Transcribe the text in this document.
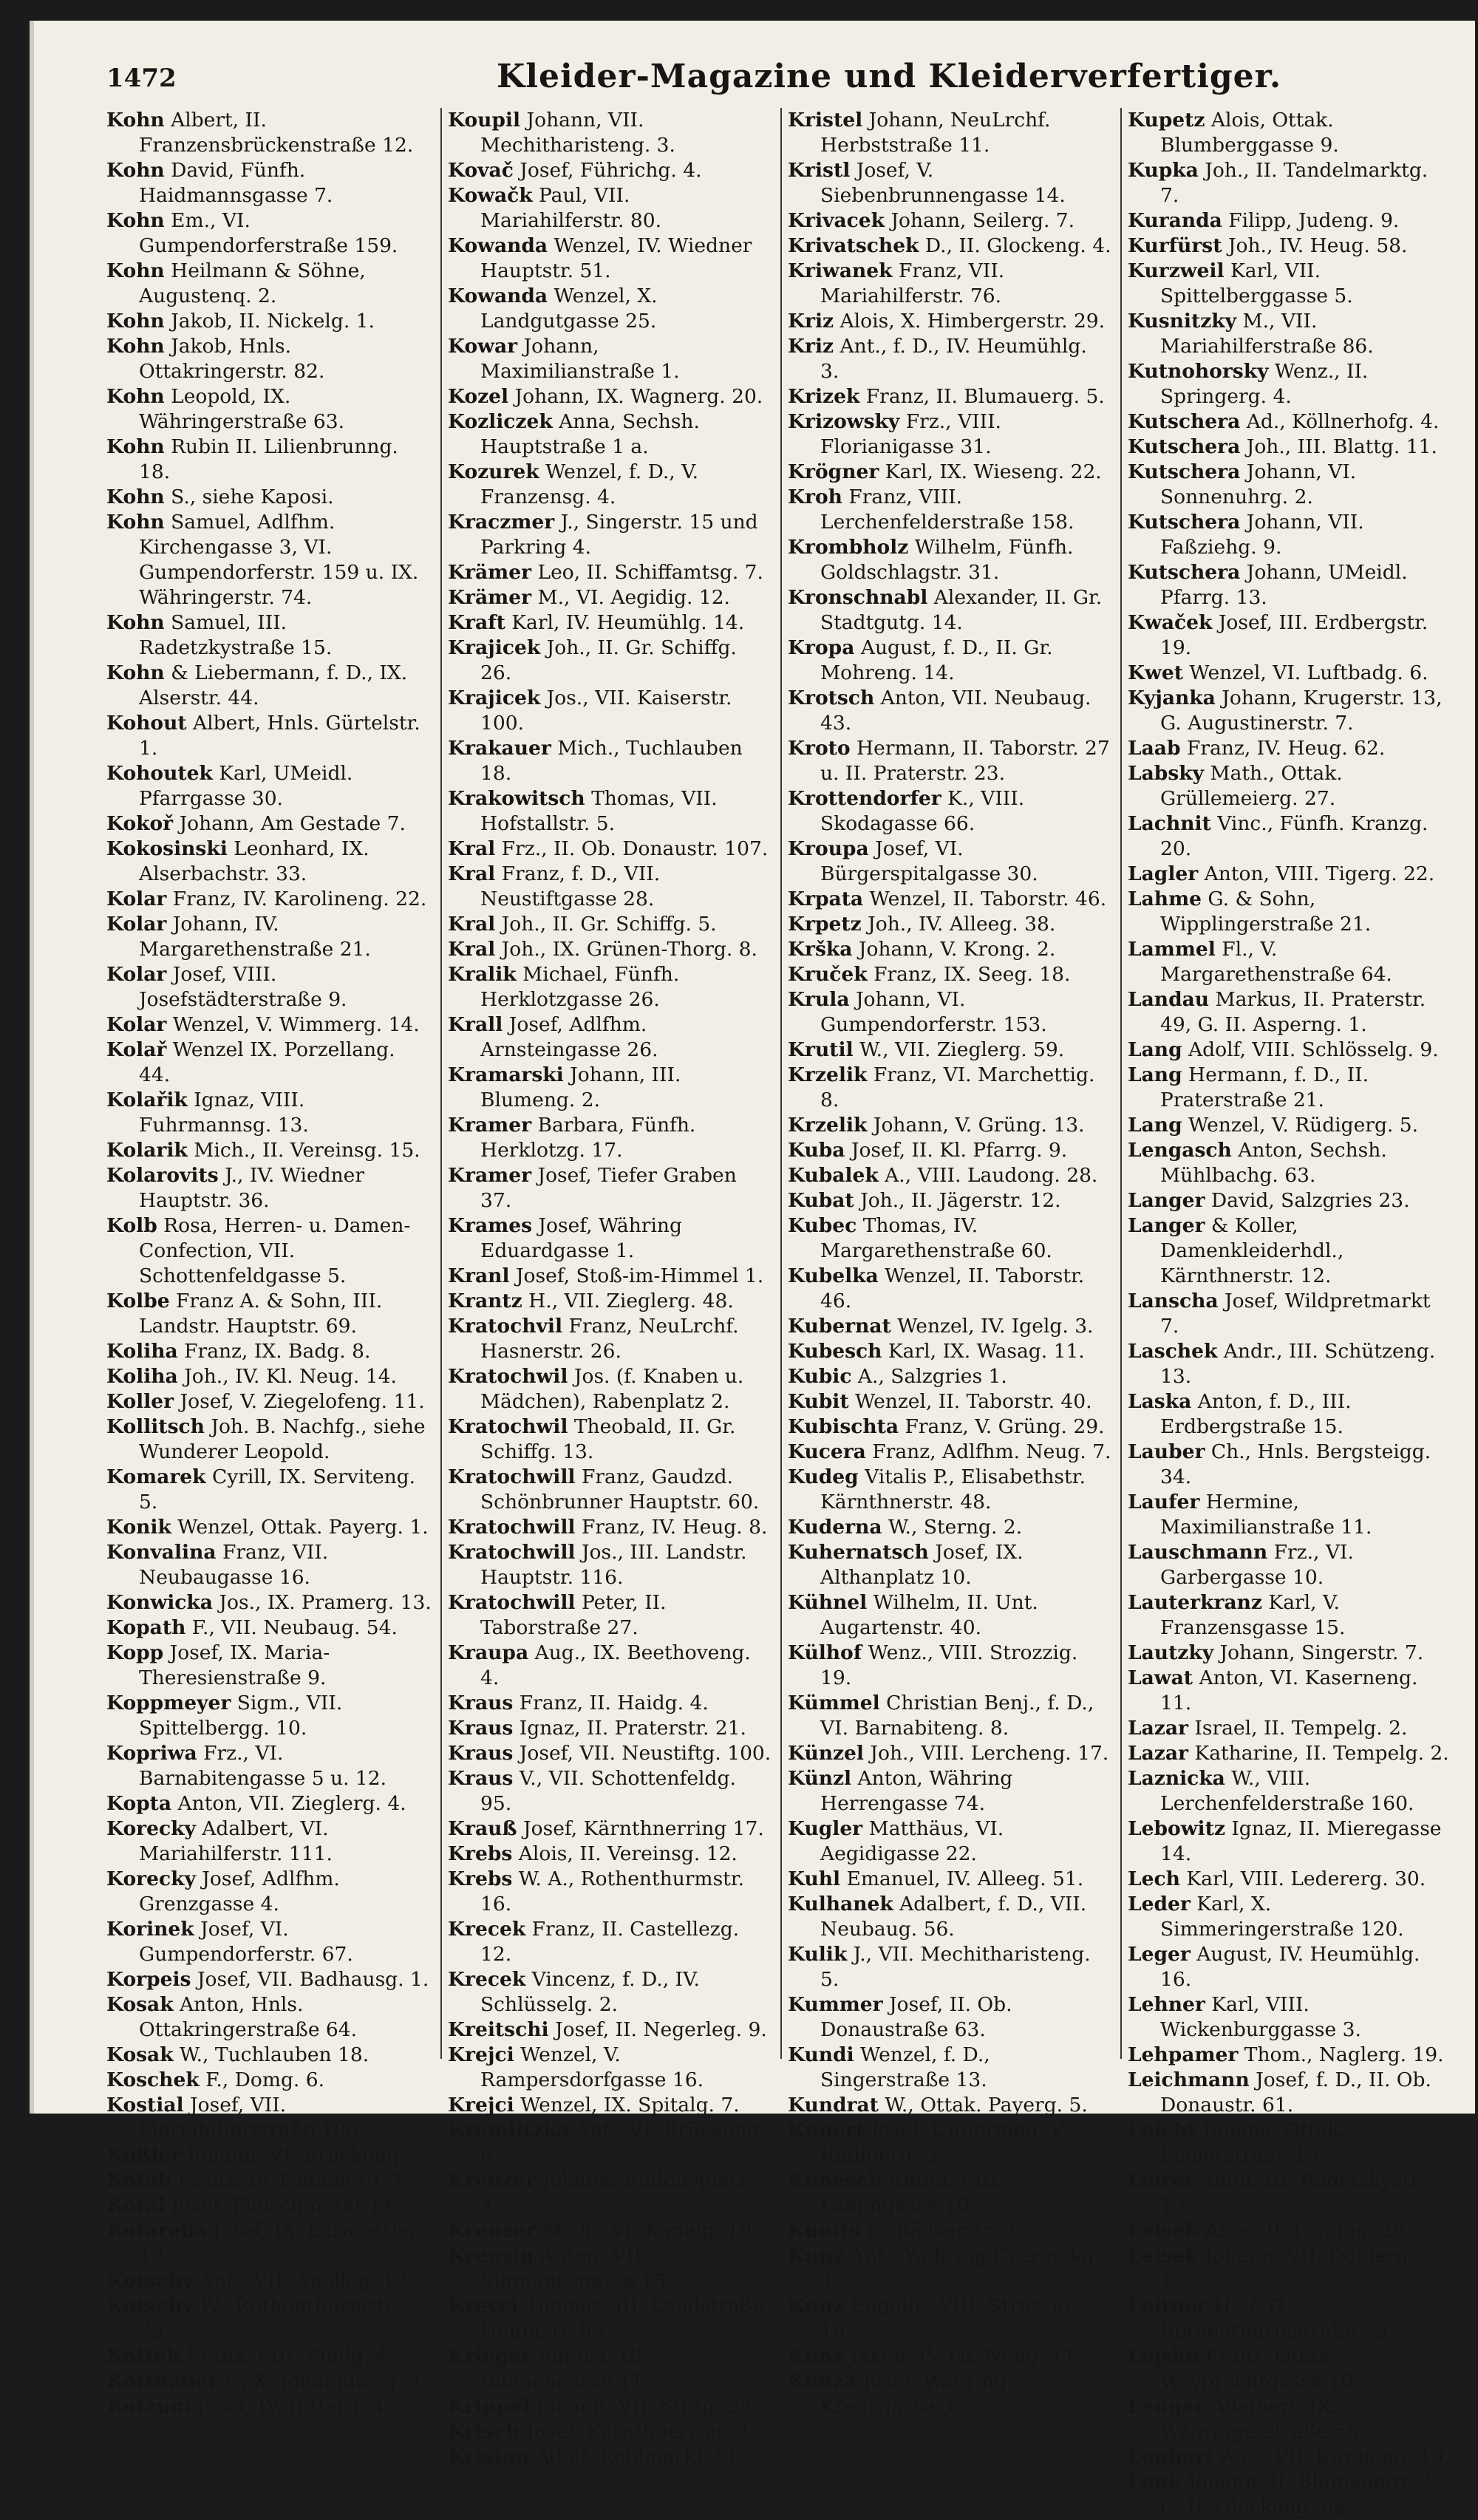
1472	Kleider-Magazine und Kleiderverfertiger.
Kohn Albert, II. Franzensbrückenstraße 12.
Kohn David, Fünfh. Haidmannsgasse 7.
Kohn Em., VI. Gumpendorferstraße 159.
Kohn Heilmann & Söhne, Augustenq. 2.
Kohn Jakob, II. Nickelg. 1.
Kohn Jakob, Hnls. Ottakringerstr. 82.
Kohn Leopold, IX. Währingerstraße 63.
Kohn Rubin II. Lilienbrunng. 18.
Kohn S., siehe Kaposi.
Kohn Samuel, Adlfhm. Kirchengasse 3, VI. Gumpendorferstr. 159 u. IX. Währingerstr. 74.
Kohn Samuel, III. Radetzkystraße 15.
Kohn & Liebermann, f. D., IX. Alserstr. 44.
Kohout Albert, Hnls. Gürtelstr. 1.
Kohoutek Karl, UMeidl. Pfarrgasse 30.
Kokoř Johann, Am Gestade 7.
Kokosinski Leonhard, IX. Alserbachstr. 33.
Kolar Franz, IV. Karolineng. 22.
Kolar Johann, IV. Margarethenstraße 21.
Kolar Josef, VIII. Josefstädterstraße 9.
Kolar Wenzel, V. Wimmerg. 14.
Kolař Wenzel IX. Porzellang. 44.
Kolařik Ignaz, VIII. Fuhrmannsg. 13.
Kolarik Mich., II. Vereinsg. 15.
Kolarovits J., IV. Wiedner Hauptstr. 36.
Kolb Rosa, Herren- u. Damen-Confection, VII. Schottenfeldgasse 5.
Kolbe Franz A. & Sohn, III. Landstr. Hauptstr. 69.
Koliha Franz, IX. Badg. 8.
Koliha Joh., IV. Kl. Neug. 14.
Koller Josef, V. Ziegelofeng. 11.
Kollitsch Joh. B. Nachfg., siehe Wunderer Leopold.
Komarek Cyrill, IX. Serviteng. 5.
Konik Wenzel, Ottak. Payerg. 1.
Konvalina Franz, VII. Neubaugasse 16.
Konwicka Jos., IX. Pramerg. 13.
Kopath F., VII. Neubaug. 54.
Kopp Josef, IX. Maria-Theresienstraße 9.
Koppmeyer Sigm., VII. Spittelbergg. 10.
Kopriwa Frz., VI. Barnabitengasse 5 u. 12.
Kopta Anton, VII. Zieglerg. 4.
Korecky Adalbert, VI. Mariahilferstr. 111.
Korecky Josef, Adlfhm. Grenzgasse 4.
Korinek Josef, VI. Gumpendorferstr. 67.
Korpeis Josef, VII. Badhausg. 1.
Kosak Anton, Hnls. Ottakringerstraße 64.
Kosak W., Tuchlauben 18.
Koschek F., Domg. 6.
Kostial Josef, VII. Mariahilferstraße 100.
Koßler Johann, VI. Brückeng. 7.
Kotab Franz, IV. Paulanerg. 1.
Kotal Josef, Fleischmarkt 14.
Kotareba Josef, IX. Lazaretthg. 12.
Kotschy Ant., VII. Apollog. 12.
Kotschy W., Rothenthurmstr. 25.
Kottek Franz, VIII. Pfeilg. 4.
Kottnauer F., X. Johanniterg. 4.
Kotzum Josef, IV. Ritterg. 4.
Koupil Johann, VII. Mechitharisteng. 3.
Kovač Josef, Führichg. 4.
Kowačk Paul, VII. Mariahilferstr. 80.
Kowanda Wenzel, IV. Wiedner Hauptstr. 51.
Kowanda Wenzel, X. Landgutgasse 25.
Kowar Johann, Maximilianstraße 1.
Kozel Johann, IX. Wagnerg. 20.
Kozliczek Anna, Sechsh. Hauptstraße 1 a.
Kozurek Wenzel, f. D., V. Franzensg. 4.
Kraczmer J., Singerstr. 15 und Parkring 4.
Krämer Leo, II. Schiffamtsg. 7.
Krämer M., VI. Aegidig. 12.
Kraft Karl, IV. Heumühlg. 14.
Krajicek Joh., II. Gr. Schiffg. 26.
Krajicek Jos., VII. Kaiserstr. 100.
Krakauer Mich., Tuchlauben 18.
Krakowitsch Thomas, VII. Hofstallstr. 5.
Kral Frz., II. Ob. Donaustr. 107.
Kral Franz, f. D., VII. Neustiftgasse 28.
Kral Joh., II. Gr. Schiffg. 5.
Kral Joh., IX. Grünen-Thorg. 8.
Kralik Michael, Fünfh. Herklotzgasse 26.
Krall Josef, Adlfhm. Arnsteingasse 26.
Kramarski Johann, III. Blumeng. 2.
Kramer Barbara, Fünfh. Herklotzg. 17.
Kramer Josef, Tiefer Graben 37.
Krames Josef, Währing Eduardgasse 1.
Kranl Josef, Stoß-im-Himmel 1.
Krantz H., VII. Zieglerg. 48.
Kratochvil Franz, NeuLrchf. Hasnerstr. 26.
Kratochwil Jos. (f. Knaben u. Mädchen), Rabenplatz 2.
Kratochwil Theobald, II. Gr. Schiffg. 13.
Kratochwill Franz, Gaudzd. Schönbrunner Hauptstr. 60.
Kratochwill Franz, IV. Heug. 8.
Kratochwill Jos., III. Landstr. Hauptstr. 116.
Kratochwill Peter, II. Taborstraße 27.
Kraupa Aug., IX. Beethoveng. 4.
Kraus Franz, II. Haidg. 4.
Kraus Ignaz, II. Praterstr. 21.
Kraus Josef, VII. Neustiftg. 100.
Kraus V., VII. Schottenfeldg. 95.
Krauß Josef, Kärnthnerring 17.
Krebs Alois, II. Vereinsg. 12.
Krebs W. A., Rothenthurmstr. 16.
Krecek Franz, II. Castellezg. 12.
Krecek Vincenz, f. D., IV. Schlüsselg. 2.
Kreitschi Josef, II. Negerleg. 9.
Krejci Wenzel, V. Rampersdorfgasse 16.
Krejci Wenzel, IX. Spitalg. 7.
Kremlitzka Ant., VI. Brückeng. 6.
Kreuzer Johann, Rudolfsplatz 4.
Kreuzer Mich., VI. Kanalg. 10.
Kreuzig Anton, VII. Sigmundsgasse 15.
Kreyci Thomas, III. Landstraße Hauptstr. 99.
Krieger August, III. Blumengasse 11.
Krippel Johann, VII. Stiftg. 27.
Krisch Josef, Kärnthnerring 2.
Kristan Adolf, Kohlmarkt 20.
Kristel Johann, NeuLrchf. Herbststraße 11.
Kristl Josef, V. Siebenbrunnengasse 14.
Krivacek Johann, Seilerg. 7.
Krivatschek D., II. Glockeng. 4.
Kriwanek Franz, VII. Mariahilferstr. 76.
Kriz Alois, X. Himbergerstr. 29.
Kriz Ant., f. D., IV. Heumühlg. 3.
Krizek Franz, II. Blumauerg. 5.
Krizowsky Frz., VIII. Florianigasse 31.
Krögner Karl, IX. Wieseng. 22.
Kroh Franz, VIII. Lerchenfelderstraße 158.
Krombholz Wilhelm, Fünfh. Goldschlagstr. 31.
Kronschnabl Alexander, II. Gr. Stadtgutg. 14.
Kropa August, f. D., II. Gr. Mohreng. 14.
Krotsch Anton, VII. Neubaug. 43.
Kroto Hermann, II. Taborstr. 27 u. II. Praterstr. 23.
Krottendorfer K., VIII. Skodagasse 66.
Kroupa Josef, VI. Bürgerspitalgasse 30.
Krpata Wenzel, II. Taborstr. 46.
Krpetz Joh., IV. Alleeg. 38.
Krška Johann, V. Krong. 2.
Kruček Franz, IX. Seeg. 18.
Krula Johann, VI. Gumpendorferstr. 153.
Krutil W., VII. Zieglerg. 59.
Krzelik Franz, VI. Marchettig. 8.
Krzelik Johann, V. Grüng. 13.
Kuba Josef, II. Kl. Pfarrg. 9.
Kubalek A., VIII. Laudong. 28.
Kubat Joh., II. Jägerstr. 12.
Kubec Thomas, IV. Margarethenstraße 60.
Kubelka Wenzel, II. Taborstr. 46.
Kubernat Wenzel, IV. Igelg. 3.
Kubesch Karl, IX. Wasag. 11.
Kubic A., Salzgries 1.
Kubit Wenzel, II. Taborstr. 40.
Kubischta Franz, V. Grüng. 29.
Kucera Franz, Adlfhm. Neug. 7.
Kudeg Vitalis P., Elisabethstr. Kärnthnerstr. 48.
Kuderna W., Sterng. 2.
Kuhernatsch Josef, IX. Althanplatz 10.
Kühnel Wilhelm, II. Unt. Augartenstr. 40.
Külhof Wenz., VIII. Strozzig. 19.
Kümmel Christian Benj., f. D., VI. Barnabiteng. 8.
Künzel Joh., VIII. Lercheng. 17.
Künzl Anton, Währing Herrengasse 74.
Kugler Matthäus, VI. Aegidigasse 22.
Kuhl Emanuel, IV. Alleeg. 51.
Kulhanek Adalbert, f. D., VII. Neubaug. 56.
Kulik J., VII. Mechitharisteng. 5.
Kummer Josef, II. Ob. Donaustraße 63.
Kundi Wenzel, f. D., Singerstraße 13.
Kundrat W., Ottak. Payerg. 5.
Kunert Josef, Uniformen, V. Rüdigerg. 3.
Kunesch Anton, VIII. Lammgasse 10.
Kunits F., Bäckerstr. 3.
Kunz Ant., Währing Czermakg. 4.
Kunz Engelb., VIII. Strozzig. 19.
Kunz Jakob, IV. Gr. Neug. 11.
Kunza Josef, Währing Kreuzgasse 35.
Kupetz Alois, Ottak. Blumberggasse 9.
Kupka Joh., II. Tandelmarktg. 7.
Kuranda Filipp, Judeng. 9.
Kurfürst Joh., IV. Heug. 58.
Kurzweil Karl, VII. Spittelberggasse 5.
Kusnitzky M., VII. Mariahilferstraße 86.
Kutnohorsky Wenz., II. Springerg. 4.
Kutschera Ad., Köllnerhofg. 4.
Kutschera Joh., III. Blattg. 11.
Kutschera Johann, VI. Sonnenuhrg. 2.
Kutschera Johann, VII. Faßziehg. 9.
Kutschera Johann, UMeidl. Pfarrg. 13.
Kwaček Josef, III. Erdbergstr. 19.
Kwet Wenzel, VI. Luftbadg. 6.
Kyjanka Johann, Krugerstr. 13, G. Augustinerstr. 7.
Laab Franz, IV. Heug. 62.
Labsky Math., Ottak. Grüllemeierg. 27.
Lachnit Vinc., Fünfh. Kranzg. 20.
Lagler Anton, VIII. Tigerg. 22.
Lahme G. & Sohn, Wipplingerstraße 21.
Lammel Fl., V. Margarethenstraße 64.
Landau Markus, II. Praterstr. 49, G. II. Asperng. 1.
Lang Adolf, VIII. Schlösselg. 9.
Lang Hermann, f. D., II. Praterstraße 21.
Lang Wenzel, V. Rüdigerg. 5.
Lengasch Anton, Sechsh. Mühlbachg. 63.
Langer David, Salzgries 23.
Langer & Koller, Damenkleiderhdl., Kärnthnerstr. 12.
Lanscha Josef, Wildpretmarkt 7.
Laschek Andr., III. Schützeng. 13.
Laska Anton, f. D., III. Erdbergstraße 15.
Lauber Ch., Hnls. Bergsteigg. 34.
Laufer Hermine, Maximilianstraße 11.
Lauschmann Frz., VI. Garbergasse 10.
Lauterkranz Karl, V. Franzensgasse 15.
Lautzky Johann, Singerstr. 7.
Lawat Anton, VI. Kaserneng. 11.
Lazar Israel, II. Tempelg. 2.
Lazar Katharine, II. Tempelg. 2.
Laznicka W., VIII. Lerchenfelderstraße 160.
Lebowitz Ignaz, II. Mieregasse 14.
Lech Karl, VIII. Ledererg. 30.
Leder Karl, X. Simmeringerstraße 120.
Leger August, IV. Heumühlg. 16.
Lehner Karl, VIII. Wickenburggasse 3.
Lehpamer Thom., Naglerg. 19.
Leichmann Josef, f. D., II. Ob. Donaustr. 61.
Leicht Juliana, Ottak. Eisnerstraße 19.
Leirer Adolf, III. Radetzkystr. 13.
Leisek Alois, II. Lampig. 25.
Leisek Johann, VII. Döblerg. 12.
Leitner H., f. D., Rothenthurmstraße 23.
Lejsko Franz, Ottak. Weyprechtgasse 10.
Lenger Adalbert, IX. Währingerstraße 55.
Lenhart Ant., VII. Kircheng. 13.
Lenk Johann, II. Blumauerg. 2, G. II. Glockeng. 9a.
